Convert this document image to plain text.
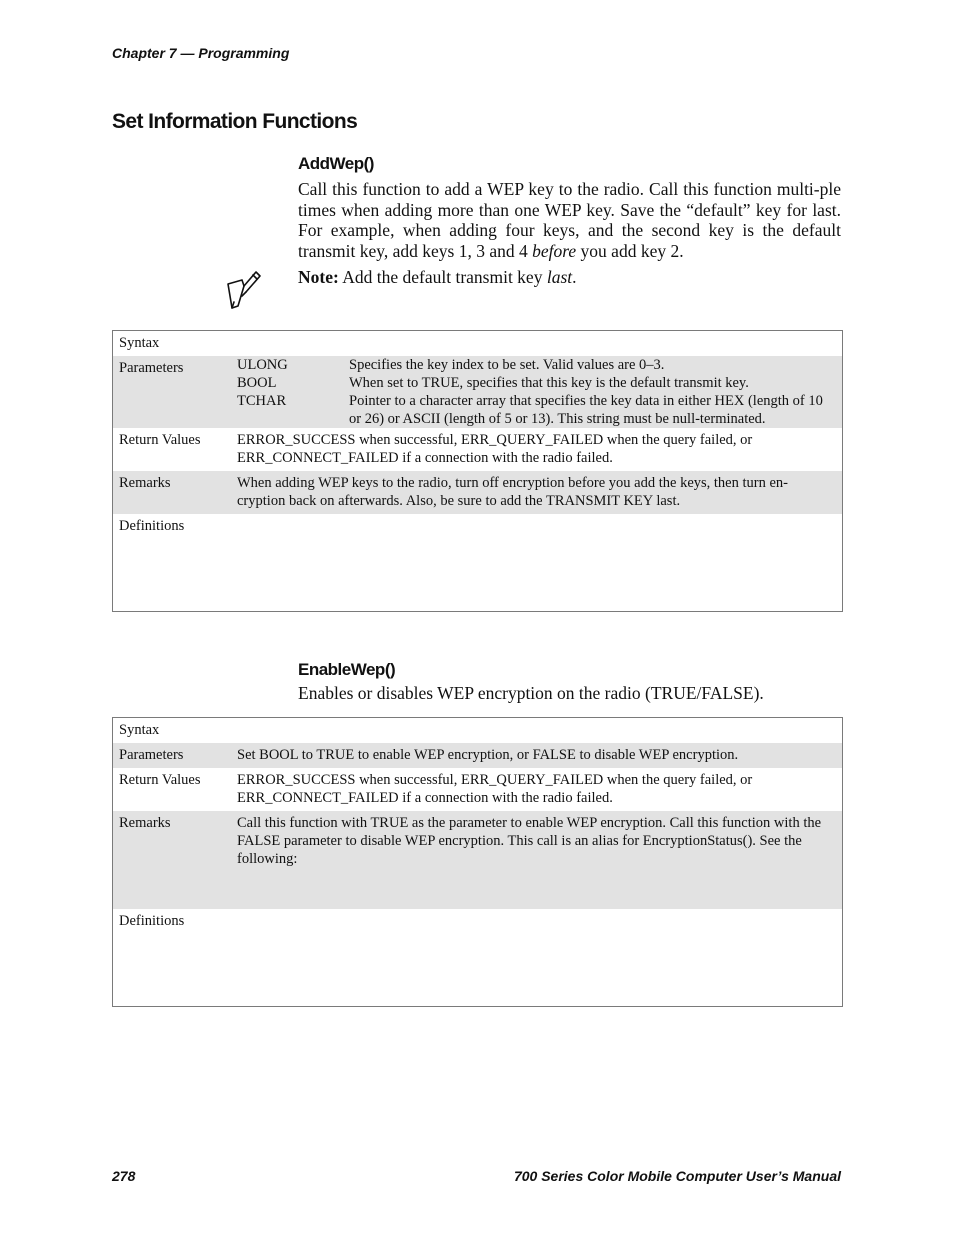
Chapter 7 — Programming
Set Information Functions
AddWep()
Call this function to add a WEP key to the radio. Call this function multi-ple times when adding more than one WEP key. Save the “default” key for last. For example, when adding four keys, and the second key is the default transmit key, add keys 1, 3 and 4 before you add key 2.
Note: Add the default transmit key last.
Syntax	
Parameters		ULONG	Specifies the key index to be set. Valid values are 0–3.
BOOL	When set to TRUE, specifies that this key is the default transmit key.
TCHAR	Pointer to a character array that specifies the key data in either HEX (length of 10 or 26) or ASCII (length of 5 or 13). This string must be null-terminated.

Return Values	ERROR_SUCCESS when successful, ERR_QUERY_FAILED when the query failed, or ERR_CONNECT_FAILED if a connection with the radio failed.
Remarks	When adding WEP keys to the radio, turn off encryption before you add the keys, then turn en-cryption back on afterwards. Also, be sure to add the TRANSMIT KEY last.
Definitions	
EnableWep()
Enables or disables WEP encryption on the radio (TRUE/FALSE).
Syntax	
Parameters	Set BOOL to TRUE to enable WEP encryption, or FALSE to disable WEP encryption.
Return Values	ERROR_SUCCESS when successful, ERR_QUERY_FAILED when the query failed, or ERR_CONNECT_FAILED if a connection with the radio failed.
Remarks	Call this function with TRUE as the parameter to enable WEP encryption. Call this function with the FALSE parameter to disable WEP encryption. This call is an alias for EncryptionStatus(). See the following:
Definitions	
278	700 Series Color Mobile Computer User’s Manual
